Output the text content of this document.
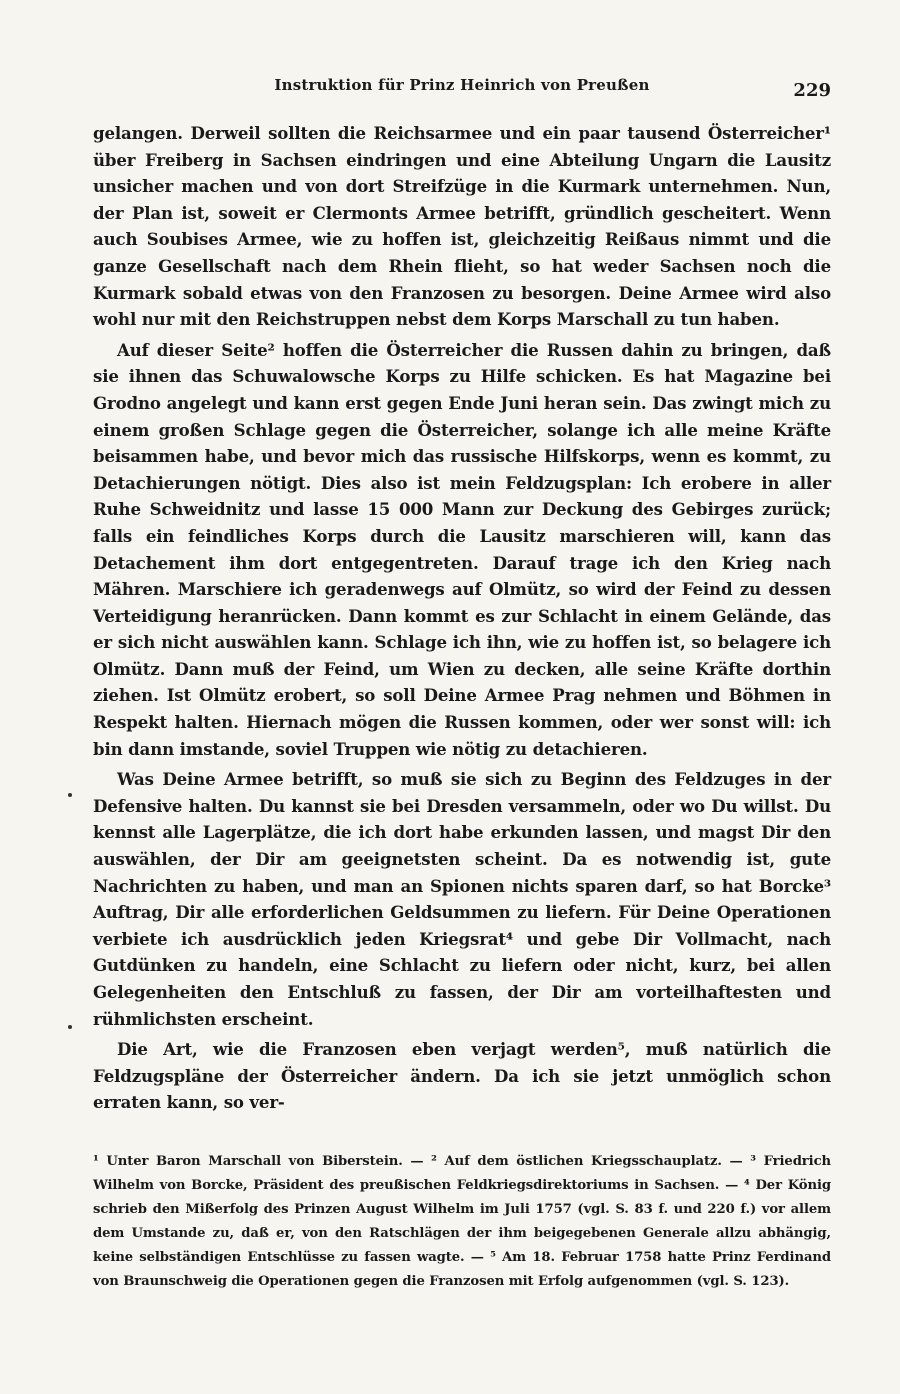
Instruktion für Prinz Heinrich von Preußen	229

gelangen. Derweil sollten die Reichsarmee und ein paar tausend Österreicher¹ über Freiberg in Sachsen eindringen und eine Abteilung Ungarn die Lausitz unsicher machen und von dort Streifzüge in die Kurmark unternehmen. Nun, der Plan ist, soweit er Clermonts Armee betrifft, gründlich gescheitert. Wenn auch Soubises Armee, wie zu hoffen ist, gleichzeitig Reißaus nimmt und die ganze Gesellschaft nach dem Rhein flieht, so hat weder Sachsen noch die Kurmark sobald etwas von den Franzosen zu besorgen. Deine Armee wird also wohl nur mit den Reichstruppen nebst dem Korps Marschall zu tun haben.

Auf dieser Seite² hoffen die Österreicher die Russen dahin zu bringen, daß sie ihnen das Schuwalowsche Korps zu Hilfe schicken. Es hat Magazine bei Grodno angelegt und kann erst gegen Ende Juni heran sein. Das zwingt mich zu einem großen Schlage gegen die Österreicher, solange ich alle meine Kräfte beisammen habe, und bevor mich das russische Hilfskorps, wenn es kommt, zu Detachierungen nötigt. Dies also ist mein Feldzugsplan: Ich erobere in aller Ruhe Schweidnitz und lasse 15 000 Mann zur Deckung des Gebirges zurück; falls ein feindliches Korps durch die Lausitz marschieren will, kann das Detachement ihm dort entgegentreten. Darauf trage ich den Krieg nach Mähren. Marschiere ich geradenwegs auf Olmütz, so wird der Feind zu dessen Verteidigung heranrücken. Dann kommt es zur Schlacht in einem Gelände, das er sich nicht auswählen kann. Schlage ich ihn, wie zu hoffen ist, so belagere ich Olmütz. Dann muß der Feind, um Wien zu decken, alle seine Kräfte dorthin ziehen. Ist Olmütz erobert, so soll Deine Armee Prag nehmen und Böhmen in Respekt halten. Hiernach mögen die Russen kommen, oder wer sonst will: ich bin dann imstande, soviel Truppen wie nötig zu detachieren.

Was Deine Armee betrifft, so muß sie sich zu Beginn des Feldzuges in der Defensive halten. Du kannst sie bei Dresden versammeln, oder wo Du willst. Du kennst alle Lagerplätze, die ich dort habe erkunden lassen, und magst Dir den auswählen, der Dir am geeignetsten scheint. Da es notwendig ist, gute Nachrichten zu haben, und man an Spionen nichts sparen darf, so hat Borcke³ Auftrag, Dir alle erforderlichen Geldsummen zu liefern. Für Deine Operationen verbiete ich ausdrücklich jeden Kriegsrat⁴ und gebe Dir Vollmacht, nach Gutdünken zu handeln, eine Schlacht zu liefern oder nicht, kurz, bei allen Gelegenheiten den Entschluß zu fassen, der Dir am vorteilhaftesten und rühmlichsten erscheint.

Die Art, wie die Franzosen eben verjagt werden⁵, muß natürlich die Feldzugspläne der Österreicher ändern. Da ich sie jetzt unmöglich schon erraten kann, so ver-

¹ Unter Baron Marschall von Biberstein. — ² Auf dem östlichen Kriegsschauplatz. — ³ Friedrich Wilhelm von Borcke, Präsident des preußischen Feldkriegsdirektoriums in Sachsen. — ⁴ Der König schrieb den Mißerfolg des Prinzen August Wilhelm im Juli 1757 (vgl. S. 83 f. und 220 f.) vor allem dem Umstande zu, daß er, von den Ratschlägen der ihm beigegebenen Generale allzu abhängig, keine selbständigen Entschlüsse zu fassen wagte. — ⁵ Am 18. Februar 1758 hatte Prinz Ferdinand von Braunschweig die Operationen gegen die Franzosen mit Erfolg aufgenommen (vgl. S. 123).
